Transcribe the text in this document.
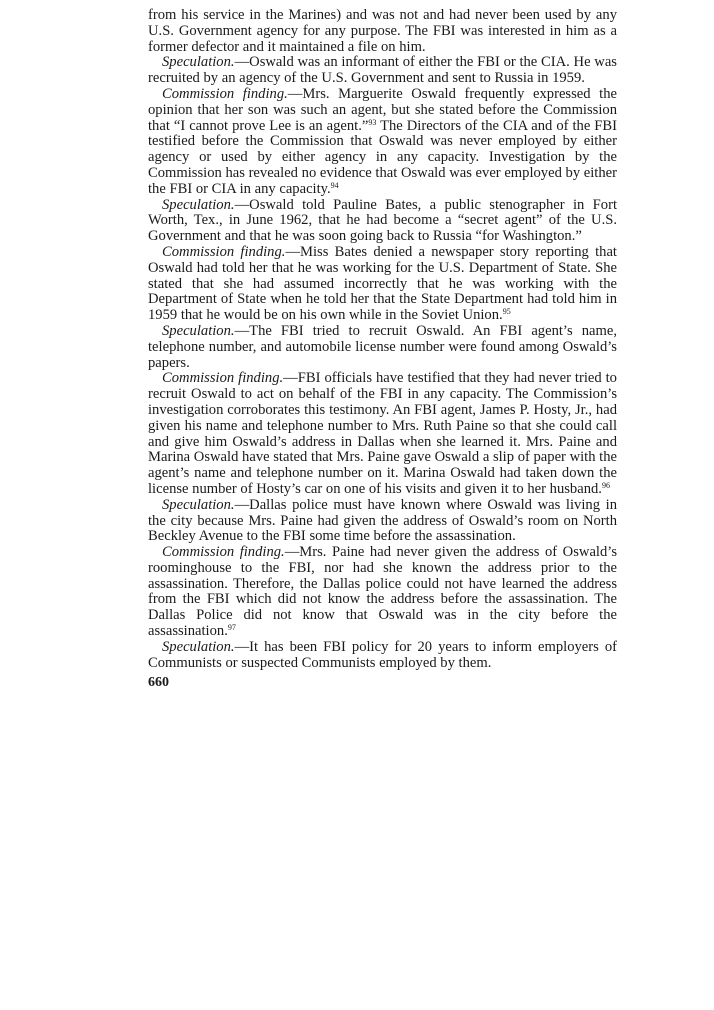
from his service in the Marines) and was not and had never been used by any U.S. Government agency for any purpose. The FBI was interested in him as a former defector and it maintained a file on him.

Speculation.—Oswald was an informant of either the FBI or the CIA. He was recruited by an agency of the U.S. Government and sent to Russia in 1959.

Commission finding.—Mrs. Marguerite Oswald frequently expressed the opinion that her son was such an agent, but she stated before the Commission that “I cannot prove Lee is an agent.”$^{93}$ The Directors of the CIA and of the FBI testified before the Commission that Oswald was never employed by either agency or used by either agency in any capacity. Investigation by the Commission has revealed no evidence that Oswald was ever employed by either the FBI or CIA in any capacity.$^{94}$

Speculation.—Oswald told Pauline Bates, a public stenographer in Fort Worth, Tex., in June 1962, that he had become a “secret agent” of the U.S. Government and that he was soon going back to Russia “for Washington.”

Commission finding.—Miss Bates denied a newspaper story reporting that Oswald had told her that he was working for the U.S. Department of State. She stated that she had assumed incorrectly that he was working with the Department of State when he told her that the State Department had told him in 1959 that he would be on his own while in the Soviet Union.$^{95}$

Speculation.—The FBI tried to recruit Oswald. An FBI agent’s name, telephone number, and automobile license number were found among Oswald’s papers.

Commission finding.—FBI officials have testified that they had never tried to recruit Oswald to act on behalf of the FBI in any capacity. The Commission’s investigation corroborates this testimony. An FBI agent, James P. Hosty, Jr., had given his name and telephone number to Mrs. Ruth Paine so that she could call and give him Oswald’s address in Dallas when she learned it. Mrs. Paine and Marina Oswald have stated that Mrs. Paine gave Oswald a slip of paper with the agent’s name and telephone number on it. Marina Oswald had taken down the license number of Hosty’s car on one of his visits and given it to her husband.$^{96}$

Speculation.—Dallas police must have known where Oswald was living in the city because Mrs. Paine had given the address of Oswald’s room on North Beckley Avenue to the FBI some time before the assassination.

Commission finding.—Mrs. Paine had never given the address of Oswald’s roominghouse to the FBI, nor had she known the address prior to the assassination. Therefore, the Dallas police could not have learned the address from the FBI which did not know the address before the assassination. The Dallas Police did not know that Oswald was in the city before the assassination.$^{97}$

Speculation.—It has been FBI policy for 20 years to inform employers of Communists or suspected Communists employed by them.

660
